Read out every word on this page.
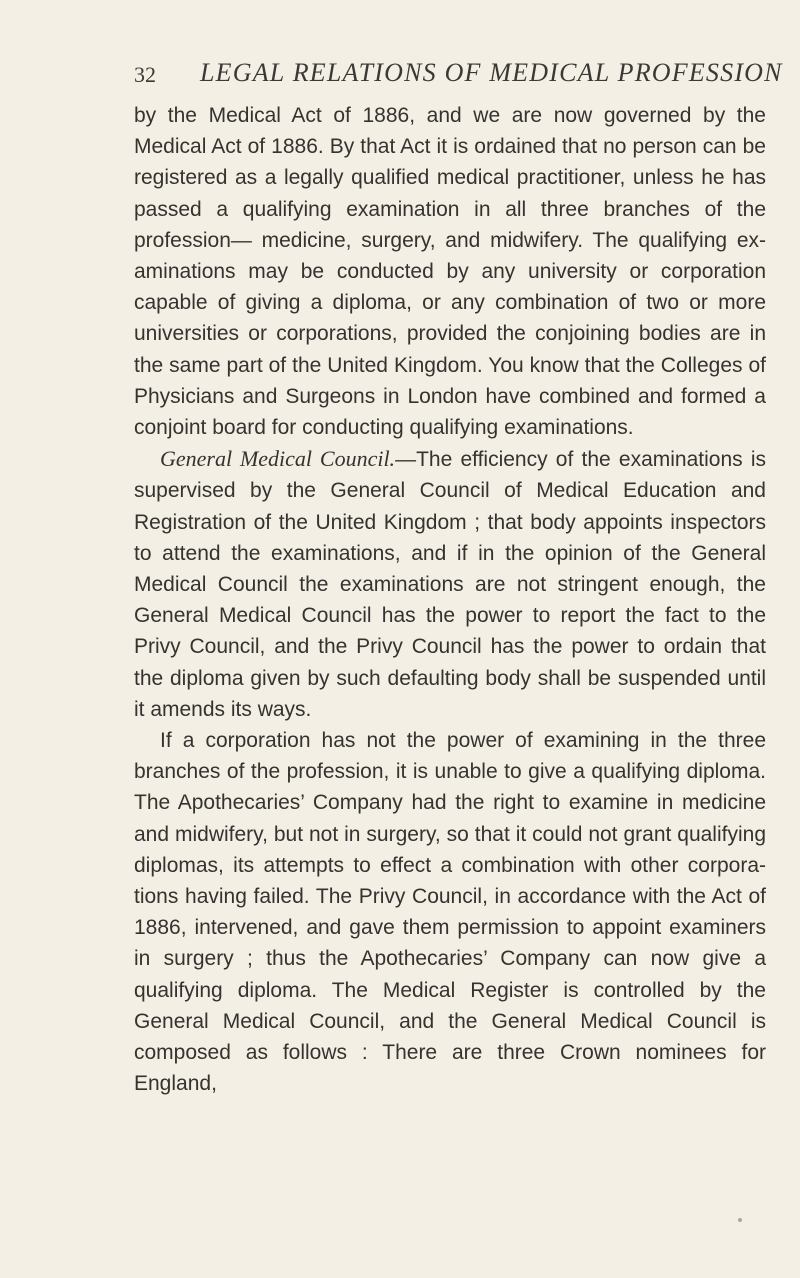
32 LEGAL RELATIONS OF MEDICAL PROFESSION

by the Medical Act of 1886, and we are now governed by the Medical Act of 1886. By that Act it is ordained that no person can be registered as a legally qualified medical practitioner, unless he has passed a qualifying examination in all three branches of the profession— medicine, surgery, and midwifery. The qualifying examinations may be conducted by any university or corporation capable of giving a diploma, or any combination of two or more universities or corporations, provided the conjoining bodies are in the same part of the United Kingdom. You know that the Colleges of Physicians and Surgeons in London have combined and formed a conjoint board for conducting qualifying examinations.

General Medical Council.—The efficiency of the examinations is supervised by the General Council of Medical Education and Registration of the United Kingdom ; that body appoints inspectors to attend the examinations, and if in the opinion of the General Medical Council the examinations are not stringent enough, the General Medical Council has the power to report the fact to the Privy Council, and the Privy Council has the power to ordain that the diploma given by such defaulting body shall be suspended until it amends its ways.

If a corporation has not the power of examining in the three branches of the profession, it is unable to give a qualifying diploma. The Apothecaries’ Company had the right to examine in medicine and midwifery, but not in surgery, so that it could not grant qualifying diplomas, its attempts to effect a combination with other corporations having failed. The Privy Council, in accordance with the Act of 1886, intervened, and gave them permission to appoint examiners in surgery ; thus the Apothecaries’ Company can now give a qualifying diploma. The Medical Register is controlled by the General Medical Council, and the General Medical Council is composed as follows : There are three Crown nominees for England,
